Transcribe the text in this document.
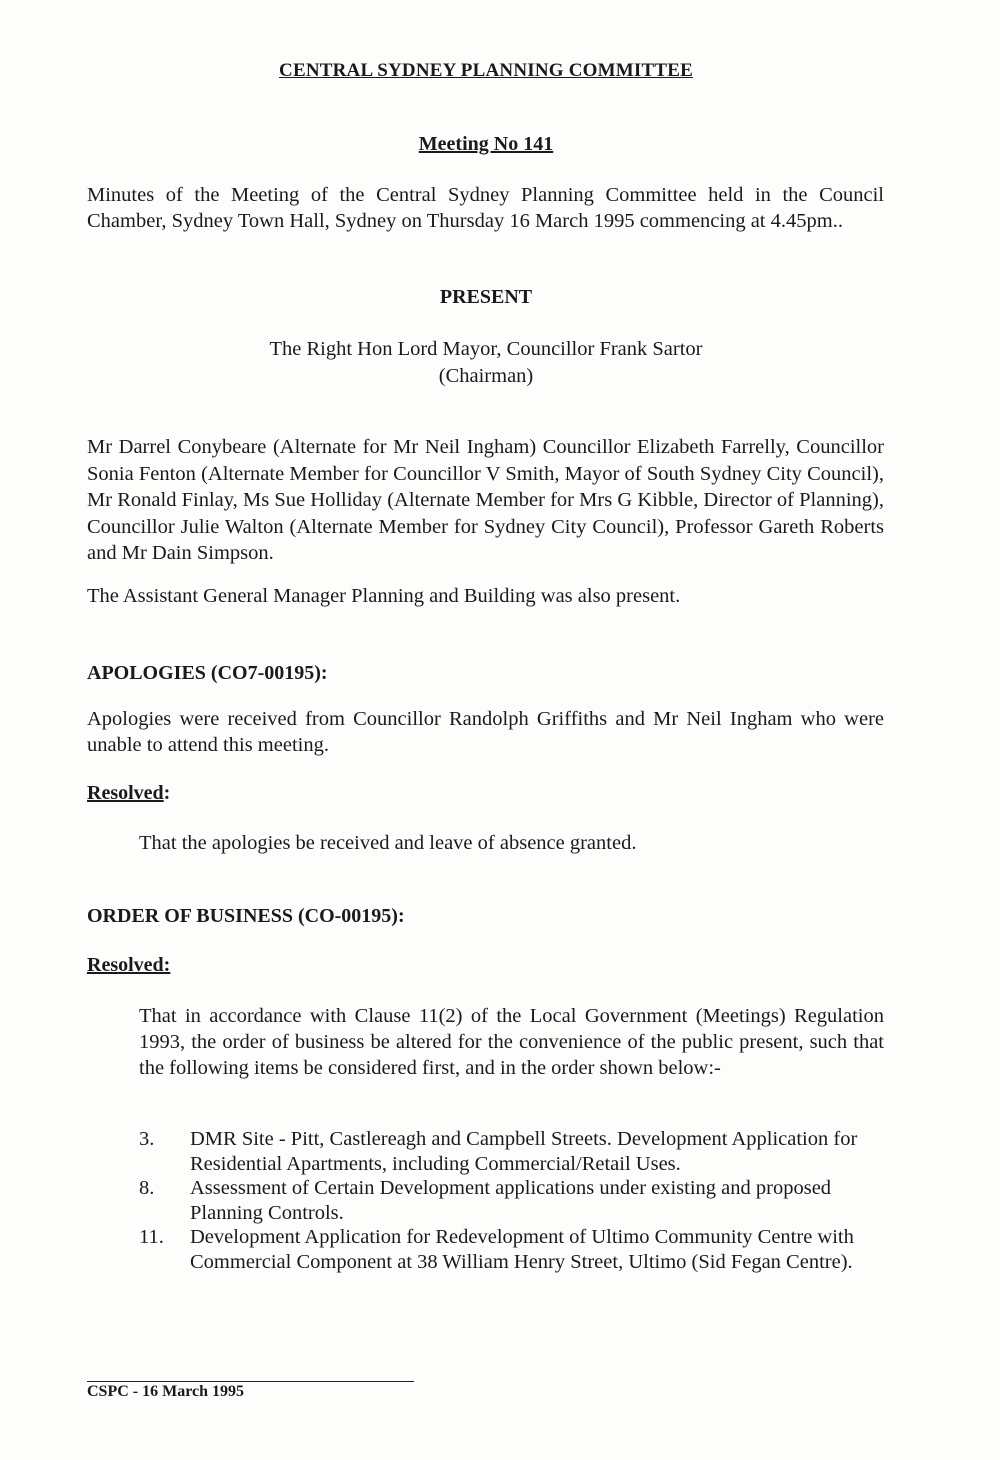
CENTRAL SYDNEY PLANNING COMMITTEE
Meeting No 141
Minutes of the Meeting of the Central Sydney Planning Committee held in the Council Chamber, Sydney Town Hall, Sydney on Thursday 16 March 1995 commencing at 4.45pm..
PRESENT
The Right Hon Lord Mayor, Councillor Frank Sartor
(Chairman)
Mr Darrel Conybeare (Alternate for Mr Neil Ingham) Councillor Elizabeth Farrelly, Councillor Sonia Fenton (Alternate Member for Councillor V Smith, Mayor of South Sydney City Council), Mr Ronald Finlay, Ms Sue Holliday (Alternate Member for Mrs G Kibble, Director of Planning), Councillor Julie Walton (Alternate Member for Sydney City Council), Professor Gareth Roberts and Mr Dain Simpson.
The Assistant General Manager Planning and Building was also present.
APOLOGIES (CO7-00195):
Apologies were received from Councillor Randolph Griffiths and Mr Neil Ingham who were unable to attend this meeting.
Resolved:
That the apologies be received and leave of absence granted.
ORDER OF BUSINESS (CO-00195):
Resolved:
That in accordance with Clause 11(2) of the Local Government (Meetings) Regulation 1993, the order of business be altered for the convenience of the public present, such that the following items be considered first, and in the order shown below:-
3. DMR Site - Pitt, Castlereagh and Campbell Streets. Development Application for Residential Apartments, including Commercial/Retail Uses.
8. Assessment of Certain Development applications under existing and proposed Planning Controls.
11. Development Application for Redevelopment of Ultimo Community Centre with Commercial Component at 38 William Henry Street, Ultimo (Sid Fegan Centre).
CSPC - 16 March 1995
